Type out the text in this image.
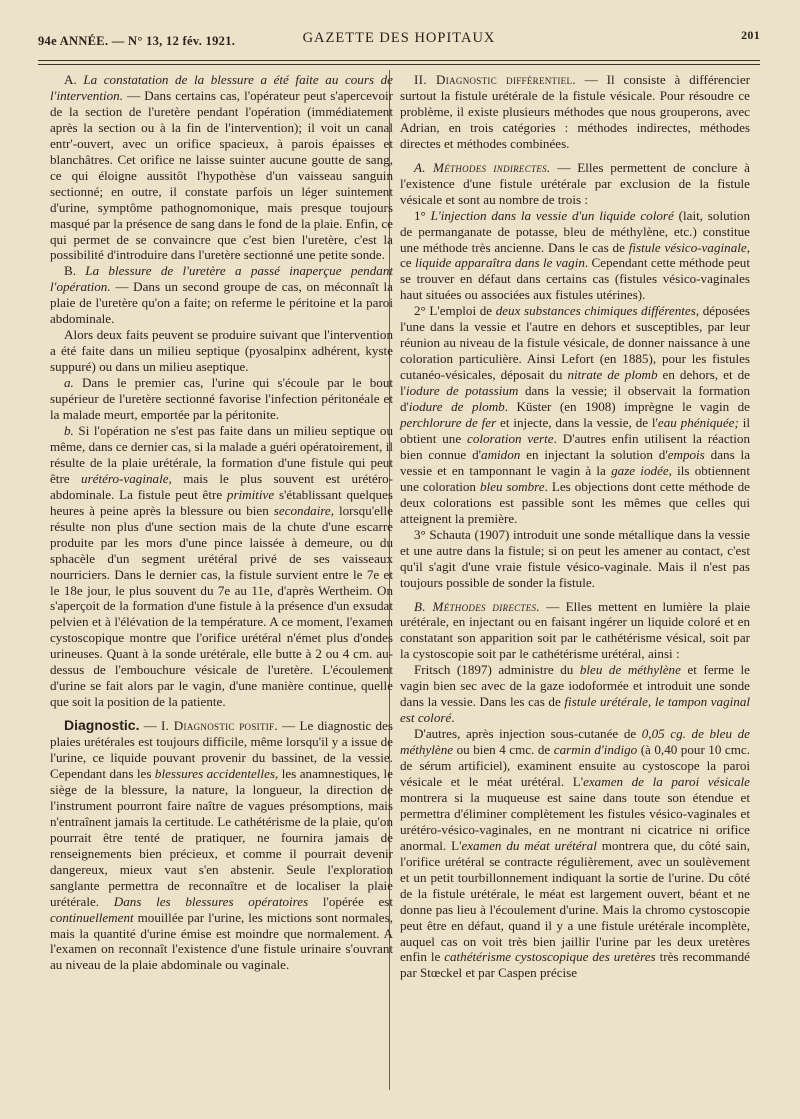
94e ANNÉE. — N° 13, 12 fév. 1921.	GAZETTE DES HOPITAUX	201

A. La constatation de la blessure a été faite au cours de l'intervention. — Dans certains cas, l'opérateur peut s'apercevoir de la section de l'uretère pendant l'opération (immédiatement après la section ou à la fin de l'intervention); il voit un canal entr'-ouvert, avec un orifice spacieux, à parois épaisses et blanchâtres. Cet orifice ne laisse suinter aucune goutte de sang, ce qui éloigne aussitôt l'hypothèse d'un vaisseau sanguin sectionné; en outre, il constate parfois un léger suintement d'urine, symptôme pathognomonique, mais presque toujours masqué par la présence de sang dans le fond de la plaie. Enfin, ce qui permet de se convaincre que c'est bien l'uretère, c'est la possibilité d'introduire dans l'uretère sectionné une petite sonde.

B. La blessure de l'uretère a passé inaperçue pendant l'opération. — Dans un second groupe de cas, on méconnaît la plaie de l'uretère qu'on a faite; on referme le péritoine et la paroi abdominale.

Alors deux faits peuvent se produire suivant que l'intervention a été faite dans un milieu septique (pyosalpinx adhérent, kyste suppuré) ou dans un milieu aseptique.

a. Dans le premier cas, l'urine qui s'écoule par le bout supérieur de l'uretère sectionné favorise l'infection péritonéale et la malade meurt, emportée par la péritonite.

b. Si l'opération ne s'est pas faite dans un milieu septique ou même, dans ce dernier cas, si la malade a guéri opératoirement, il résulte de la plaie urétérale, la formation d'une fistule qui peut être urétéro-vaginale, mais le plus souvent est urétéro-abdominale. La fistule peut être primitive s'établissant quelques heures à peine après la blessure ou bien secondaire, lorsqu'elle résulte non plus d'une section mais de la chute d'une escarre produite par les mors d'une pince laissée à demeure, ou du sphacèle d'un segment urétéral privé de ses vaisseaux nourriciers. Dans le dernier cas, la fistule survient entre le 7e et le 18e jour, le plus souvent du 7e au 11e, d'après Wertheim. On s'aperçoit de la formation d'une fistule à la présence d'un exsudat pelvien et à l'élévation de la température. A ce moment, l'examen cystoscopique montre que l'orifice urétéral n'émet plus d'ondes urineuses. Quant à la sonde urétérale, elle butte à 2 ou 4 cm. au-dessus de l'embouchure vésicale de l'uretère. L'écoulement d'urine se fait alors par le vagin, d'une manière continue, quelle que soit la position de la patiente.

Diagnostic. — I. Diagnostic positif. — Le diagnostic des plaies urétérales est toujours difficile, même lorsqu'il y a issue de l'urine, ce liquide pouvant provenir du bassinet, de la vessie. Cependant dans les blessures accidentelles, les anamnestiques, le siège de la blessure, la nature, la longueur, la direction de l'instrument pourront faire naître de vagues présomptions, mais n'entraînent jamais la certitude. Le cathétérisme de la plaie, qu'on pourrait être tenté de pratiquer, ne fournira jamais de renseignements bien précieux, et comme il pourrait devenir dangereux, mieux vaut s'en abstenir. Seule l'exploration sanglante permettra de reconnaître et de localiser la plaie urétérale. Dans les blessures opératoires l'opérée est continuellement mouillée par l'urine, les mictions sont normales, mais la quantité d'urine émise est moindre que normalement. A l'examen on reconnaît l'existence d'une fistule urinaire s'ouvrant au niveau de la plaie abdominale ou vaginale.

II. Diagnostic différentiel. — Il consiste à différencier surtout la fistule urétérale de la fistule vésicale. Pour résoudre ce problème, il existe plusieurs méthodes que nous grouperons, avec Adrian, en trois catégories : méthodes indirectes, méthodes directes et méthodes combinées.

A. Méthodes indirectes. — Elles permettent de conclure à l'existence d'une fistule urétérale par exclusion de la fistule vésicale et sont au nombre de trois :

1° L'injection dans la vessie d'un liquide coloré (lait, solution de permanganate de potasse, bleu de méthylène, etc.) constitue une méthode très ancienne. Dans le cas de fistule vésico-vaginale, ce liquide apparaîtra dans le vagin. Cependant cette méthode peut se trouver en défaut dans certains cas (fistules vésico-vaginales haut situées ou associées aux fistules utérines).

2° L'emploi de deux substances chimiques différentes, déposées l'une dans la vessie et l'autre en dehors et susceptibles, par leur réunion au niveau de la fistule vésicale, de donner naissance à une coloration particulière. Ainsi Lefort (en 1885), pour les fistules cutanéo-vésicales, déposait du nitrate de plomb en dehors, et de l'iodure de potassium dans la vessie; il observait la formation d'iodure de plomb. Küster (en 1908) imprègne le vagin de perchlorure de fer et injecte, dans la vessie, de l'eau phéniquée; il obtient une coloration verte. D'autres enfin utilisent la réaction bien connue d'amidon en injectant la solution d'empois dans la vessie et en tamponnant le vagin à la gaze iodée, ils obtiennent une coloration bleu sombre. Les objections dont cette méthode de deux colorations est passible sont les mêmes que celles qui atteignent la première.

3° Schauta (1907) introduit une sonde métallique dans la vessie et une autre dans la fistule; si on peut les amener au contact, c'est qu'il s'agit d'une vraie fistule vésico-vaginale. Mais il n'est pas toujours possible de sonder la fistule.

B. Méthodes directes. — Elles mettent en lumière la plaie urétérale, en injectant ou en faisant ingérer un liquide coloré et en constatant son apparition soit par le cathétérisme vésical, soit par la cystoscopie soit par le cathétérisme urétéral, ainsi :

Fritsch (1897) administre du bleu de méthylène et ferme le vagin bien sec avec de la gaze iodoformée et introduit une sonde dans la vessie. Dans les cas de fistule urétérale, le tampon vaginal est coloré.

D'autres, après injection sous-cutanée de 0,05 cg. de bleu de méthylène ou bien 4 cmc. de carmin d'indigo (à 0,40 pour 10 cmc. de sérum artificiel), examinent ensuite au cystoscope la paroi vésicale et le méat urétéral. L'examen de la paroi vésicale montrera si la muqueuse est saine dans toute son étendue et permettra d'éliminer complètement les fistules vésico-vaginales et urétéro-vésico-vaginales, en ne montrant ni cicatrice ni orifice anormal. L'examen du méat urétéral montrera que, du côté sain, l'orifice urétéral se contracte régulièrement, avec un soulèvement et un petit tourbillonnement indiquant la sortie de l'urine. Du côté de la fistule urétérale, le méat est largement ouvert, béant et ne donne pas lieu à l'écoulement d'urine. Mais la chromo cystoscopie peut être en défaut, quand il y a une fistule urétérale incomplète, auquel cas on voit très bien jaillir l'urine par les deux uretères enfin le cathétérisme cystoscopique des uretères très recommandé par Stœckel et par Caspen précise
